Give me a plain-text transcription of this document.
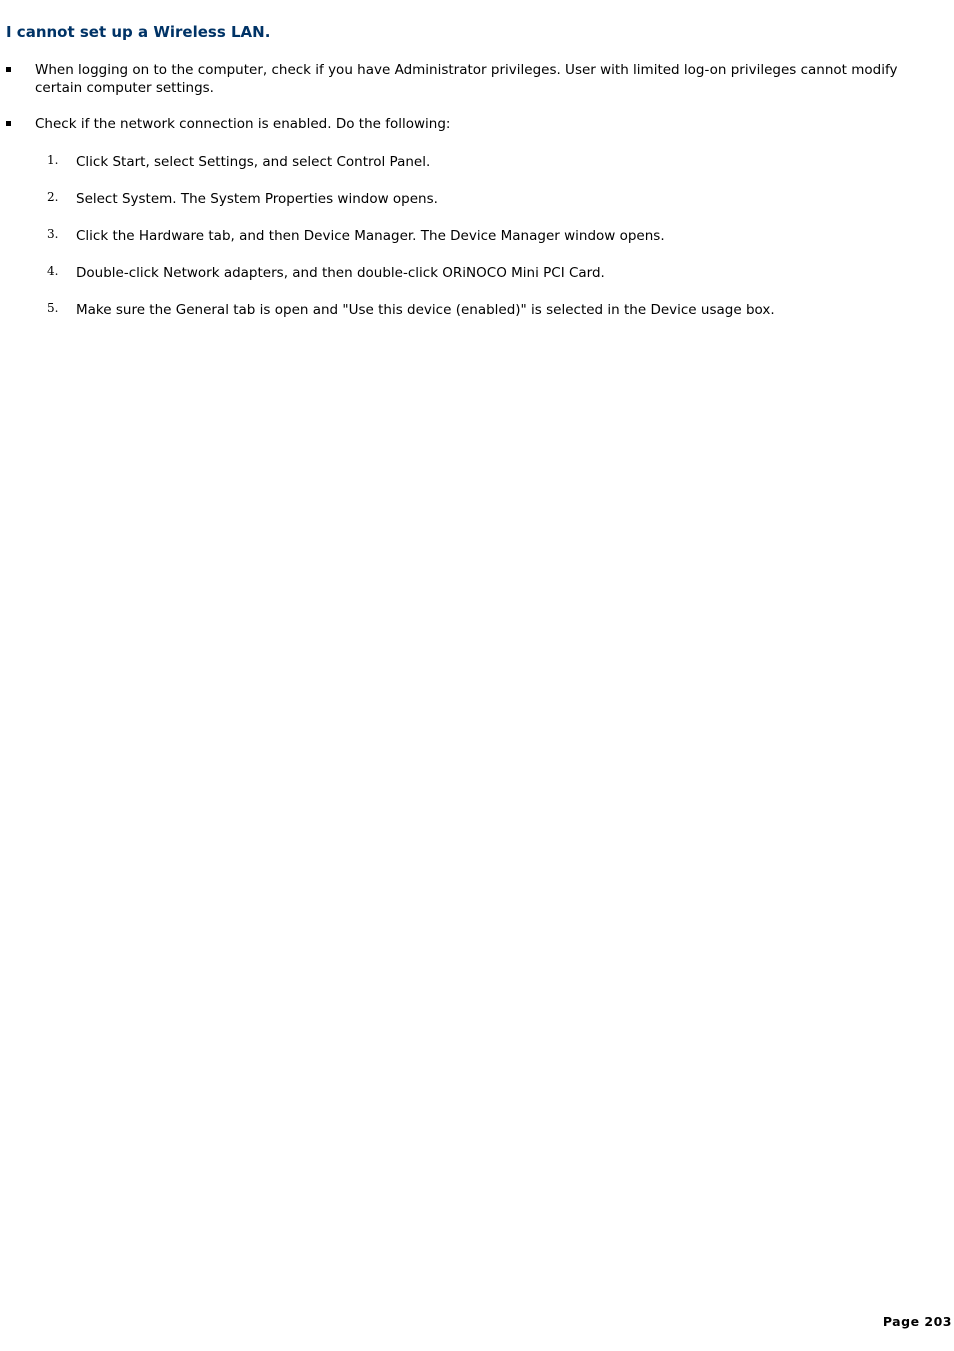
I cannot set up a Wireless LAN.
When logging on to the computer, check if you have Administrator privileges. User with limited log-on privileges cannot modify certain computer settings.
Check if the network connection is enabled. Do the following:
1. Click Start, select Settings, and select Control Panel.
2. Select System. The System Properties window opens.
3. Click the Hardware tab, and then Device Manager. The Device Manager window opens.
4. Double-click Network adapters, and then double-click ORiNOCO Mini PCI Card.
5. Make sure the General tab is open and "Use this device (enabled)" is selected in the Device usage box.
Page 203
